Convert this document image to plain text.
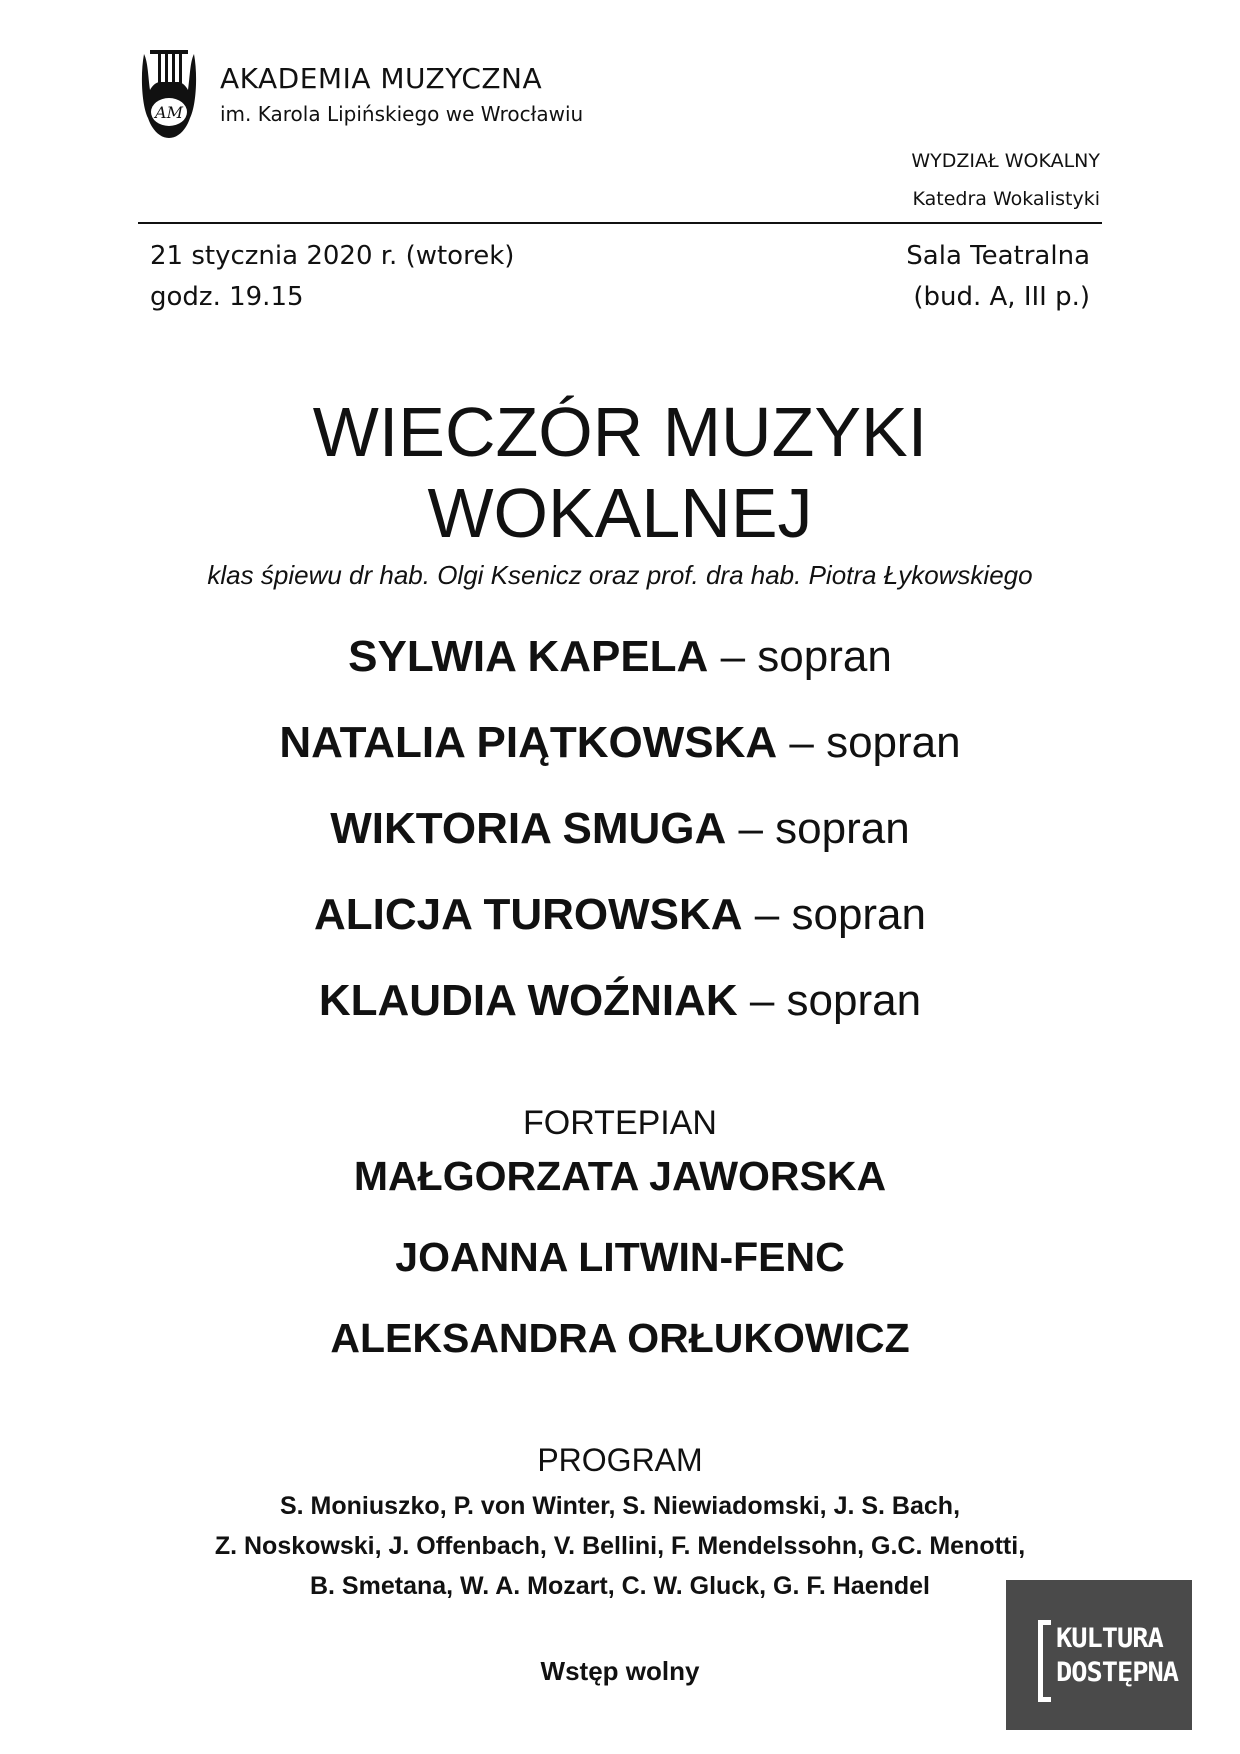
AM
AKADEMIA MUZYCZNA
im. Karola Lipińskiego we Wrocławiu
WYDZIAŁ WOKALNY
Katedra Wokalistyki
21 stycznia 2020 r. (wtorek)
godz. 19.15
Sala Teatralna
(bud. A, III p.)
WIECZÓR MUZYKI
WOKALNEJ
klas śpiewu dr hab. Olgi Ksenicz oraz prof. dra hab. Piotra Łykowskiego
SYLWIA KAPELA – sopran
NATALIA PIĄTKOWSKA – sopran
WIKTORIA SMUGA – sopran
ALICJA TUROWSKA – sopran
KLAUDIA WOŹNIAK – sopran
FORTEPIAN
MAŁGORZATA JAWORSKA
JOANNA LITWIN-FENC
ALEKSANDRA ORŁUKOWICZ
PROGRAM
S. Moniuszko, P. von Winter, S. Niewiadomski, J. S. Bach,
Z. Noskowski, J. Offenbach, V. Bellini, F. Mendelssohn, G.C. Menotti,
B. Smetana, W. A. Mozart, C. W. Gluck, G. F. Haendel
Wstęp wolny
KULTURA
DOSTĘPNA
